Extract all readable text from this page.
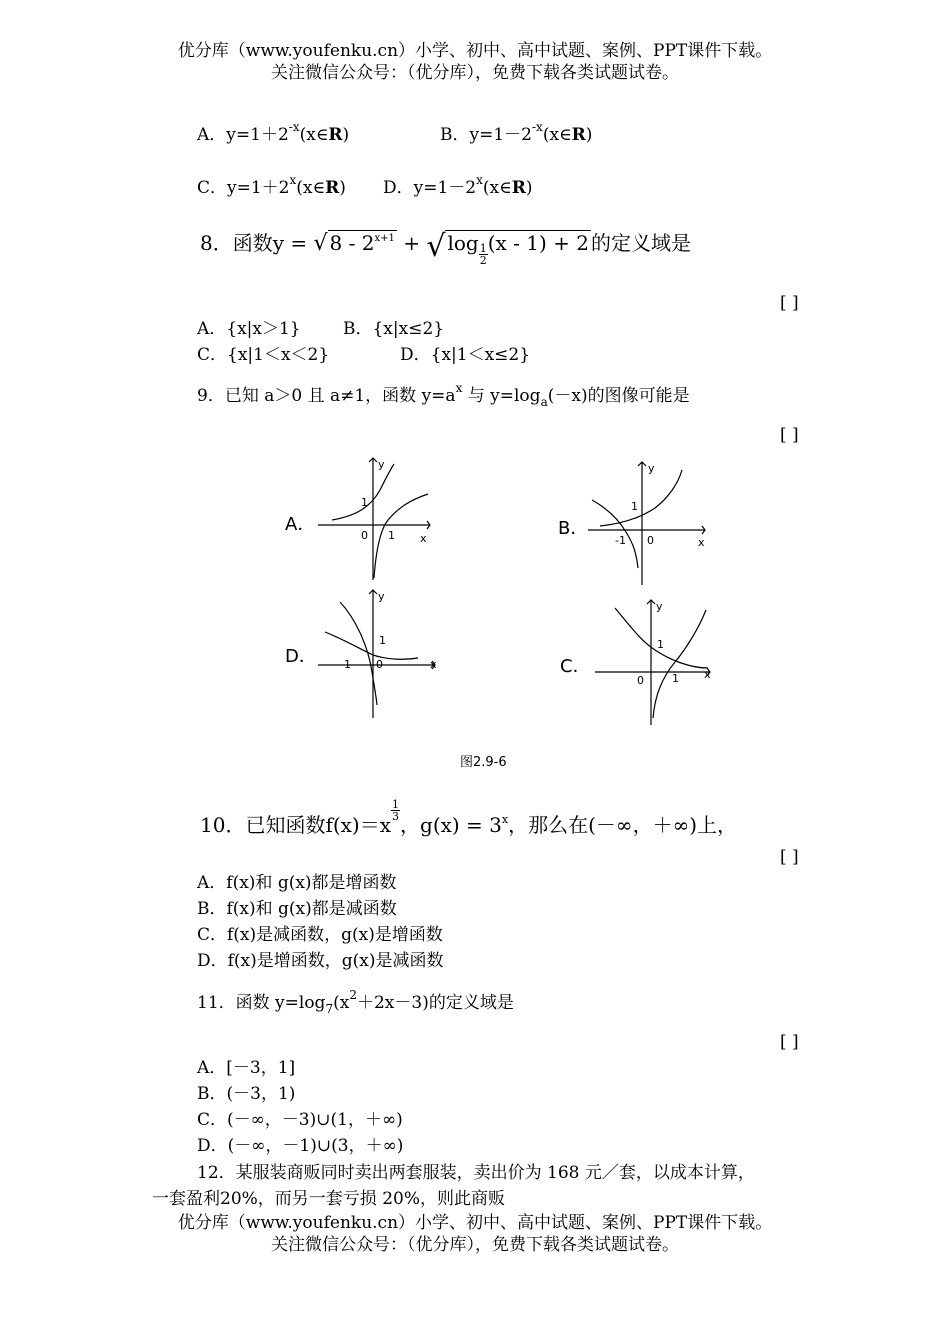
优分库（www.youfenku.cn）小学、初中、高中试题、案例、PPT课件下载。
关注微信公众号：（优分库），免费下载各类试题试卷。
A．$y=1+2^{-x}(x\in R)$	B．$y=1-2^{-x}(x\in R)$
C．$y=1+2^x(x\in R)$ D．$y=1-2^x(x\in R)$
8．函数y = √ $8 - 2^{x+1}$ + √ $\log \frac{1}{2} (x - 1) + 2$ 的定义域是
[ ]
A．{x|x＞1} B．{x|x≤2}
C．{x|1＜x＜2}	D．{x|1＜x≤2}
9．已知 a＞0 且 a≠1，函数 $y=a^x$ 与 $y=\log_a(-x)$的图像可能是
[ ]
A．
y
x
0
1
1	B．
y
x
0
1
-1
D．
y
x
0
1
-1	C．
y
x
0
1
1
图2.9-6
10．已知函数f(x)＝x
$\frac{1}{3}$
，$g(x) = 3^x$，那么在(－∞，＋∞)上，
[ ]
A．f(x)和 g(x)都是增函数
B．f(x)和 g(x)都是减函数
C．f(x)是减函数，g(x)是增函数
D．f(x)是增函数，g(x)是减函数
11．函数 $y=\log_7(x^2+2x-3)$的定义域是
[ ]
A．[－3，1]
B．(－3，1)
C．(－∞，－3)∪(1，＋∞)
D．(－∞，－1)∪(3，＋∞)
12．某服装商贩同时卖出两套服装，卖出价为 168 元／套，以成本计算，
一套盈利20%，而另一套亏损 20%，则此商贩
优分库（www.youfenku.cn）小学、初中、高中试题、案例、PPT课件下载。
关注微信公众号：（优分库），免费下载各类试题试卷。
